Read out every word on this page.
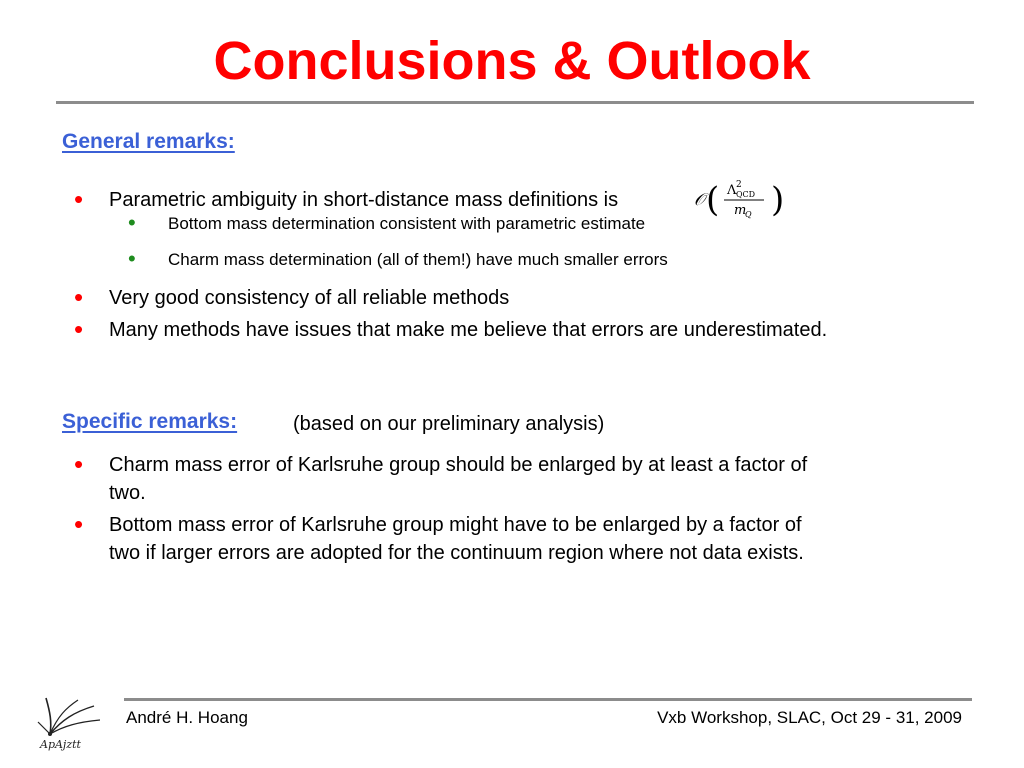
Conclusions & Outlook
General remarks:
• Parametric ambiguity in short-distance mass definitions is	𝒪 ( Λ 2
QCD
m
Q )
• Bottom mass determination consistent with parametric estimate
• Charm mass determination (all of them!) have much smaller errors
• Very good consistency of all reliable methods
• Many methods have issues that make me believe that errors are underestimated.
Specific remarks:	(based on our preliminary analysis)
• Charm mass error of Karlsruhe group should be enlarged by at least a factor of two.
• Bottom mass error of Karlsruhe group might have to be enlarged by a factor of two if larger errors are adopted for the continuum region where not data exists.
ApAjztt
André H. Hoang	Vxb Workshop, SLAC, Oct 29 - 31, 2009
